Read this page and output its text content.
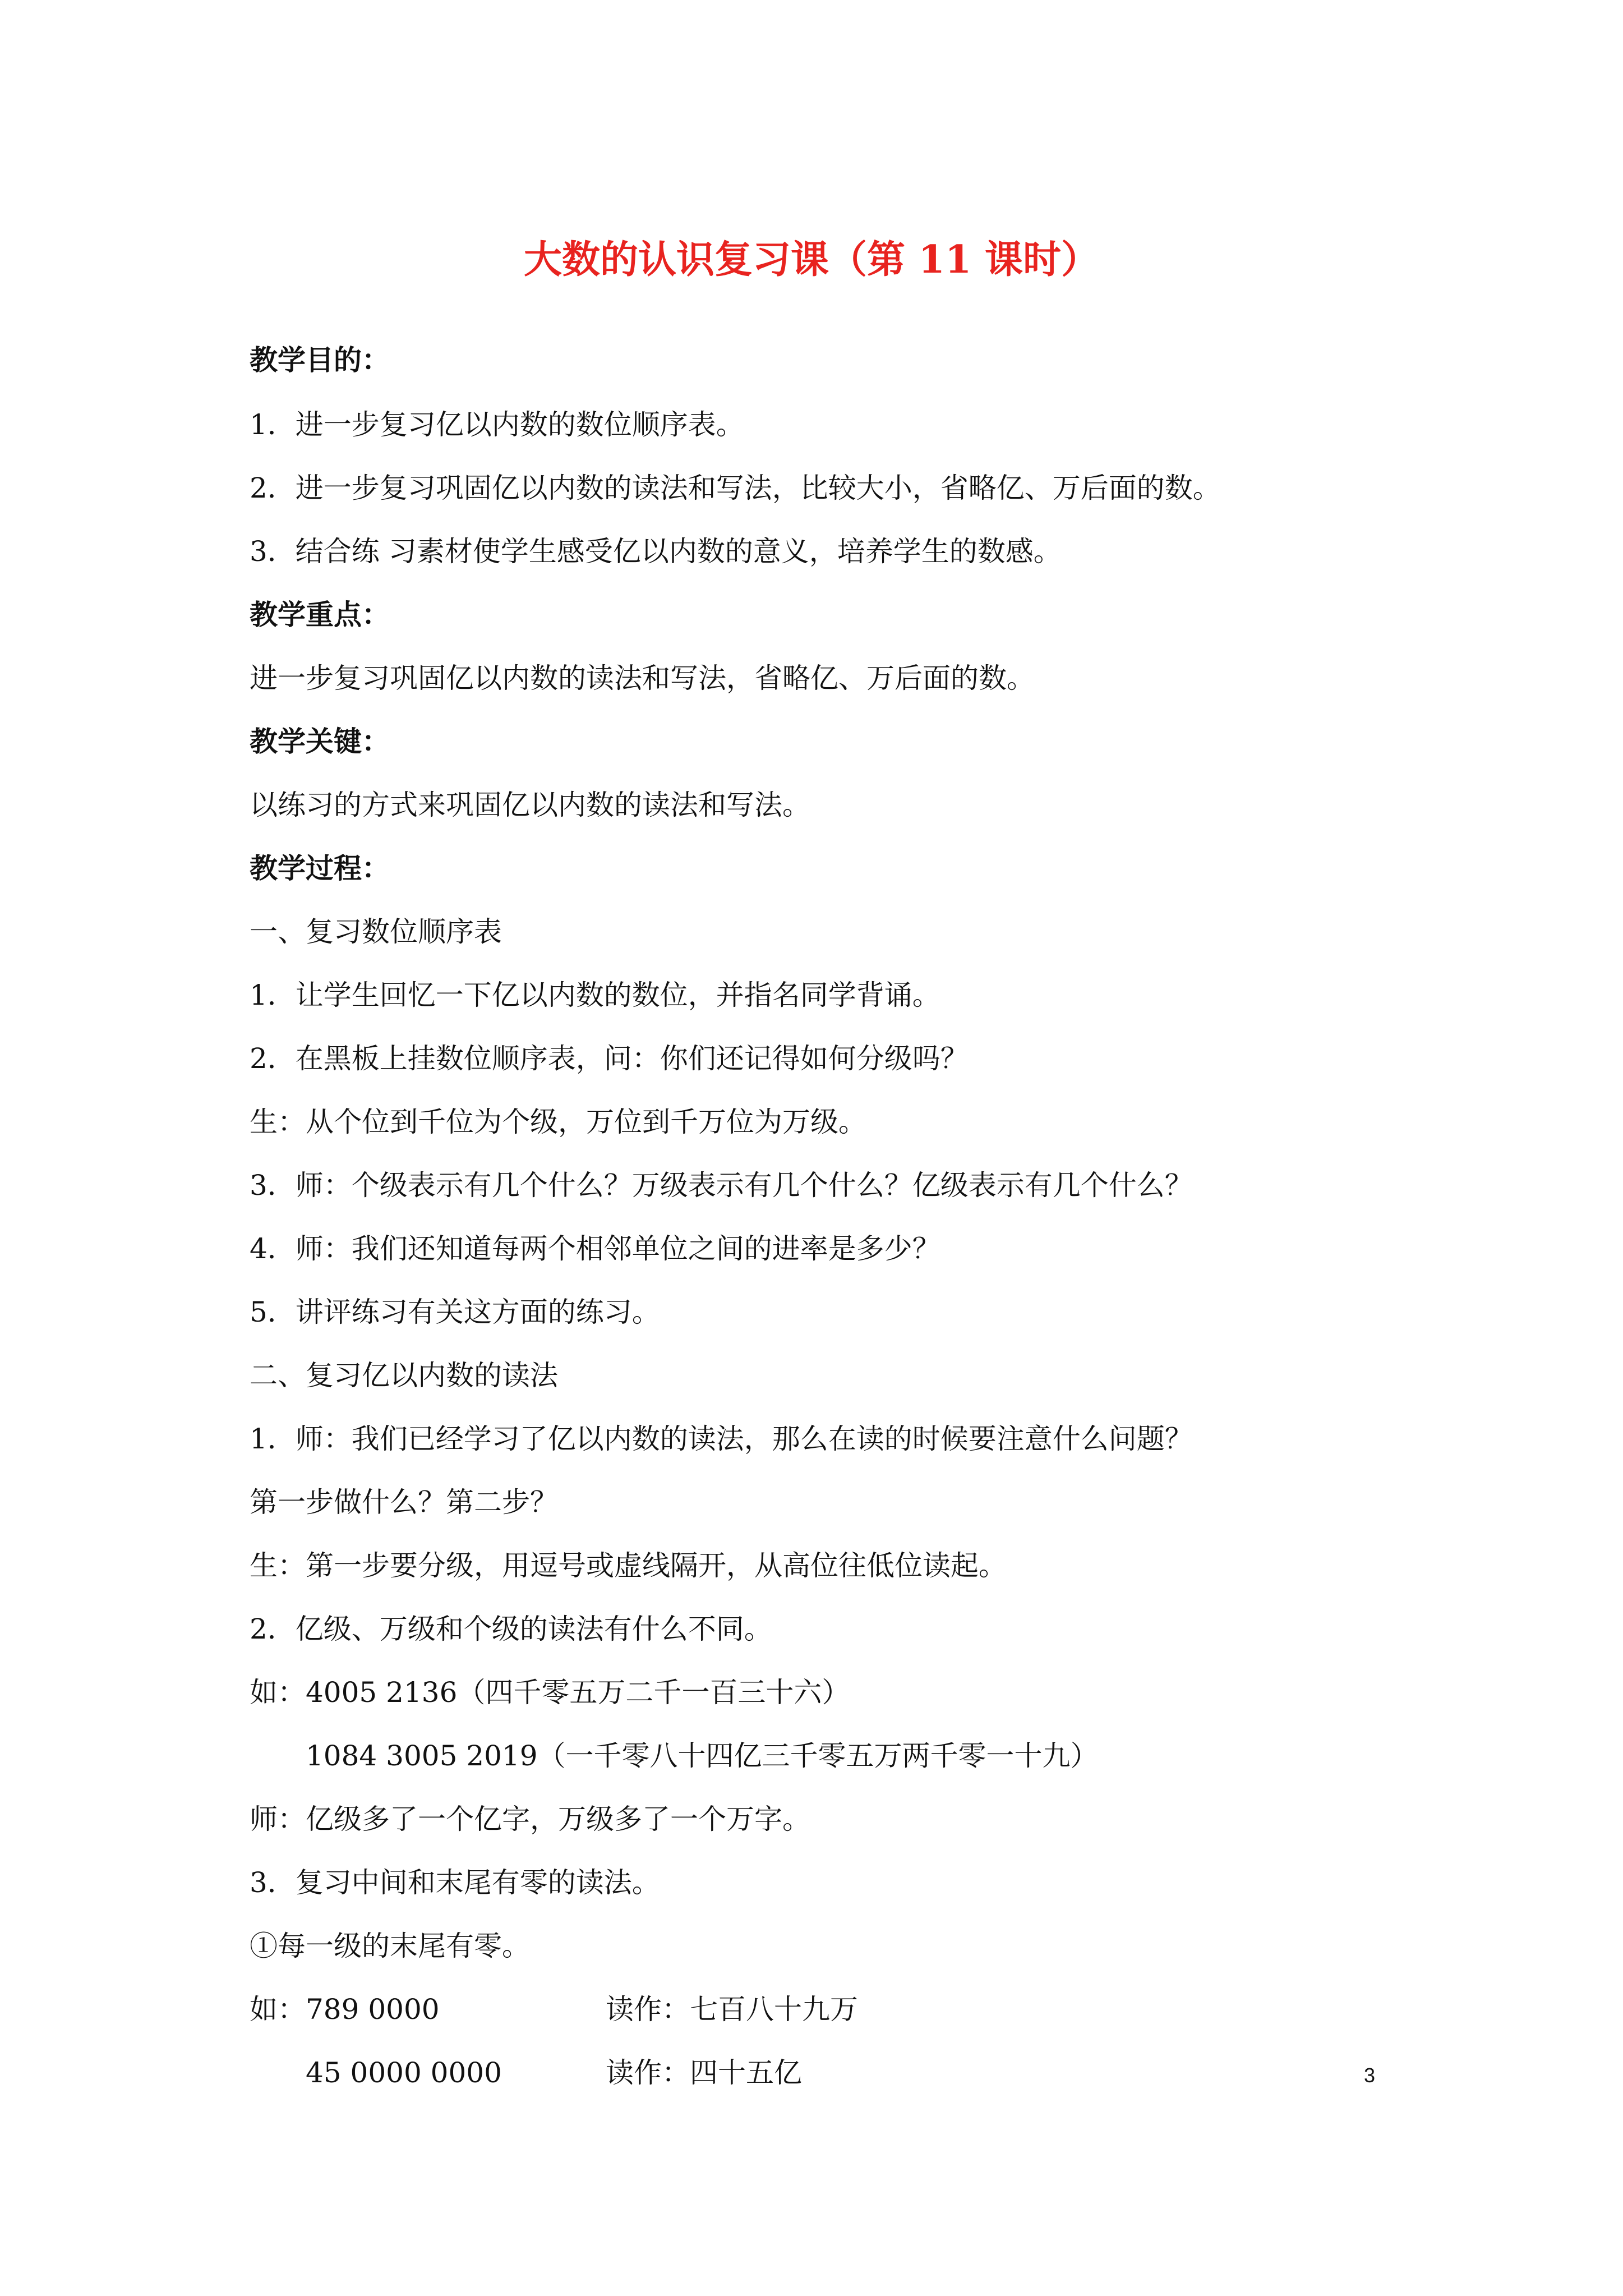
大数的认识复习课（第 11 课时）
教学目的：
1．进一步复习亿以内数的数位顺序表。
2．进一步复习巩固亿以内数的读法和写法，比较大小，省略亿、万后面的数。
3．结合练 习素材使学生感受亿以内数的意义，培养学生的数感。
教学重点：
进一步复习巩固亿以内数的读法和写法，省略亿、万后面的数。
教学关键：
以练习的方式来巩固亿以内数的读法和写法。
教学过程：
一、复习数位顺序表
1．让学生回忆一下亿以内数的数位，并指名同学背诵。
2．在黑板上挂数位顺序表，问：你们还记得如何分级吗？
生：从个位到千位为个级，万位到千万位为万级。
3．师：个级表示有几个什么？万级表示有几个什么？亿级表示有几个什么？
4．师：我们还知道每两个相邻单位之间的进率是多少？
5．讲评练习有关这方面的练习。
二、复习亿以内数的读法
1．师：我们已经学习了亿以内数的读法，那么在读的时候要注意什么问题？
第一步做什么？第二步？
生：第一步要分级，用逗号或虚线隔开，从高位往低位读起。
2．亿级、万级和个级的读法有什么不同。
如：4005 2136（四千零五万二千一百三十六）
1084 3005 2019（一千零八十四亿三千零五万两千零一十九）
师：亿级多了一个亿字，万级多了一个万字。
3．复习中间和末尾有零的读法。
①每一级的末尾有零。
如：789 0000	读作：七百八十九万
45 0000 0000	读作：四十五亿	3
